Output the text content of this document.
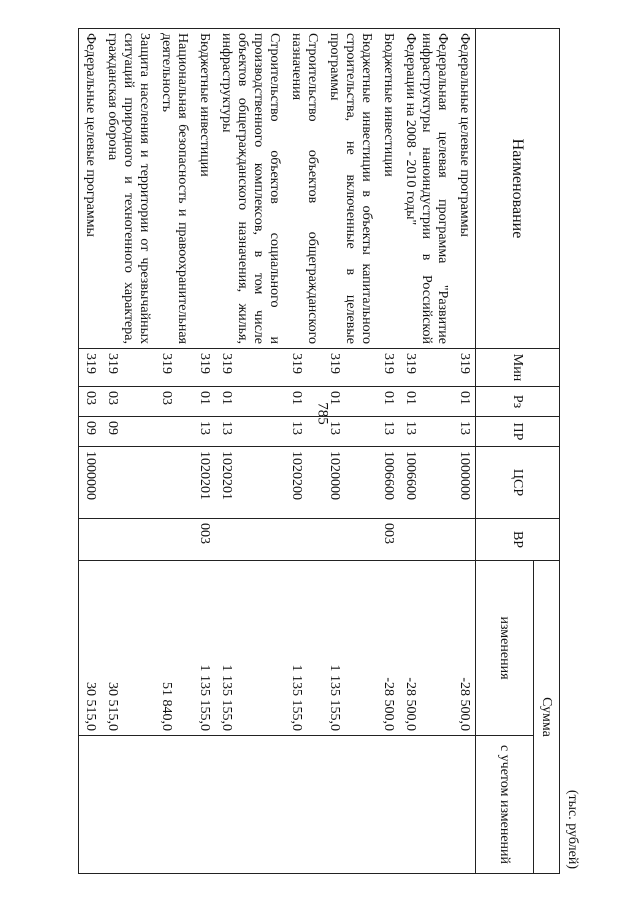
785
(тыс. рублей)
Наименование	Мин	Рз	ПР	ЦСР	ВР	Сумма	
						изменения	с учетом изменений
Федеральные целевые программы	319	01	13	1000000		-28 500,0	
Федеральная целевая программа "Развитие инфраструктуры наноиндустрии в Российской Федерации на 2008 - 2010 годы"	319	01	13	1006600		-28 500,0	
Бюджетные инвестиции	319	01	13	1006600	003	-28 500,0	
Бюджетные инвестиции в объекты капитального строительства, не включенные в целевые программы	319	01	13	1020000		1 135 155,0	
Строительство объектов общегражданского назначения	319	01	13	1020200		1 135 155,0	
Строительство объектов социального и производственного комплексов, в том числе объектов общегражданского назначения, жилья, инфраструктуры	319	01	13	1020201		1 135 155,0	
Бюджетные инвестиции	319	01	13	1020201	003	1 135 155,0	
Национальная безопасность и правоохранительная деятельность	319	03				51 840,0	
Защита населения и территории от чрезвычайных ситуаций природного и техногенного характера, гражданская оборона	319	03	09			30 515,0	
Федеральные целевые программы	319	03	09	1000000		30 515,0	
